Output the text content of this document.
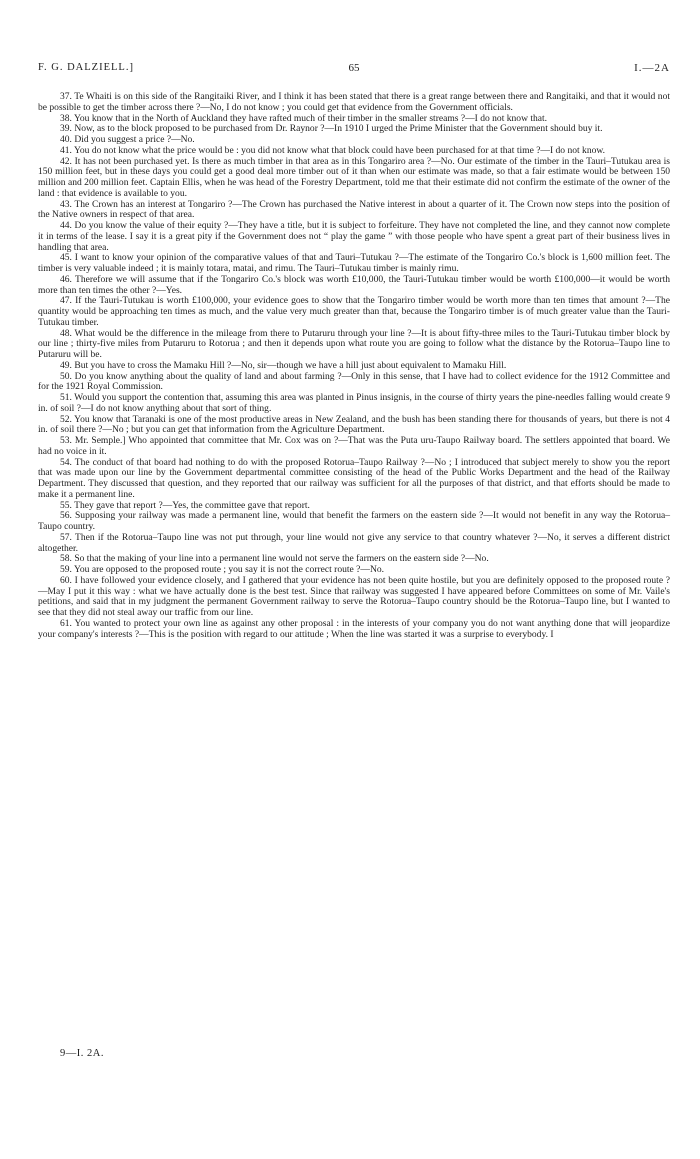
F. G. DALZIELL.]	65	I.—2A

37. Te Whaiti is on this side of the Rangitaiki River, and I think it has been stated that there is a great range between there and Rangitaiki, and that it would not be possible to get the timber across there ?—No, I do not know ; you could get that evidence from the Government officials.

38. You know that in the North of Auckland they have rafted much of their timber in the smaller streams ?—I do not know that.

39. Now, as to the block proposed to be purchased from Dr. Raynor ?—In 1910 I urged the Prime Minister that the Government should buy it.

40. Did you suggest a price ?—No.

41. You do not know what the price would be : you did not know what that block could have been purchased for at that time ?—I do not know.

42. It has not been purchased yet. Is there as much timber in that area as in this Tongariro area ?—No. Our estimate of the timber in the Tauri–Tutukau area is 150 million feet, but in these days you could get a good deal more timber out of it than when our estimate was made, so that a fair estimate would be between 150 million and 200 million feet. Captain Ellis, when he was head of the Forestry Department, told me that their estimate did not confirm the estimate of the owner of the land : that evidence is available to you.

43. The Crown has an interest at Tongariro ?—The Crown has purchased the Native interest in about a quarter of it. The Crown now steps into the position of the Native owners in respect of that area.

44. Do you know the value of their equity ?—They have a title, but it is subject to forfeiture. They have not completed the line, and they cannot now complete it in terms of the lease. I say it is a great pity if the Government does not “ play the game ” with those people who have spent a great part of their business lives in handling that area.

45. I want to know your opinion of the comparative values of that and Tauri–Tutukau ?—The estimate of the Tongariro Co.'s block is 1,600 million feet. The timber is very valuable indeed ; it is mainly totara, matai, and rimu. The Tauri–Tutukau timber is mainly rimu.

46. Therefore we will assume that if the Tongariro Co.'s block was worth £10,000, the Tauri-Tutukau timber would be worth £100,000—it would be worth more than ten times the other ?—Yes.

47. If the Tauri-Tutukau is worth £100,000, your evidence goes to show that the Tongariro timber would be worth more than ten times that amount ?—The quantity would be approaching ten times as much, and the value very much greater than that, because the Tongariro timber is of much greater value than the Tauri-Tutukau timber.

48. What would be the difference in the mileage from there to Putaruru through your line ?—It is about fifty-three miles to the Tauri-Tutukau timber block by our line ; thirty-five miles from Putaruru to Rotorua ; and then it depends upon what route you are going to follow what the distance by the Rotorua–Taupo line to Putaruru will be.

49. But you have to cross the Mamaku Hill ?—No, sir—though we have a hill just about equivalent to Mamaku Hill.

50. Do you know anything about the quality of land and about farming ?—Only in this sense, that I have had to collect evidence for the 1912 Committee and for the 1921 Royal Commission.

51. Would you support the contention that, assuming this area was planted in Pinus insignis, in the course of thirty years the pine-needles falling would create 9 in. of soil ?—I do not know anything about that sort of thing.

52. You know that Taranaki is one of the most productive areas in New Zealand, and the bush has been standing there for thousands of years, but there is not 4 in. of soil there ?—No ; but you can get that information from the Agriculture Department.

53. Mr. Semple.] Who appointed that committee that Mr. Cox was on ?—That was the Puta uru-Taupo Railway board. The settlers appointed that board. We had no voice in it.

54. The conduct of that board had nothing to do with the proposed Rotorua–Taupo Railway ?—No ; I introduced that subject merely to show you the report that was made upon our line by the Government departmental committee consisting of the head of the Public Works Department and the head of the Railway Department. They discussed that question, and they reported that our railway was sufficient for all the purposes of that district, and that efforts should be made to make it a permanent line.

55. They gave that report ?—Yes, the committee gave that report.

56. Supposing your railway was made a permanent line, would that benefit the farmers on the eastern side ?—It would not benefit in any way the Rotorua–Taupo country.

57. Then if the Rotorua–Taupo line was not put through, your line would not give any service to that country whatever ?—No, it serves a different district altogether.

58. So that the making of your line into a permanent line would not serve the farmers on the eastern side ?—No.

59. You are opposed to the proposed route ; you say it is not the correct route ?—No.

60. I have followed your evidence closely, and I gathered that your evidence has not been quite hostile, but you are definitely opposed to the proposed route ?—May I put it this way : what we have actually done is the best test. Since that railway was suggested I have appeared before Committees on some of Mr. Vaile's petitions, and said that in my judgment the permanent Government railway to serve the Rotorua–Taupo country should be the Rotorua–Taupo line, but I wanted to see that they did not steal away our traffic from our line.

61. You wanted to protect your own line as against any other proposal : in the interests of your company you do not want anything done that will jeopardize your company's interests ?—This is the position with regard to our attitude ; When the line was started it was a surprise to everybody. I

9—I. 2A.
